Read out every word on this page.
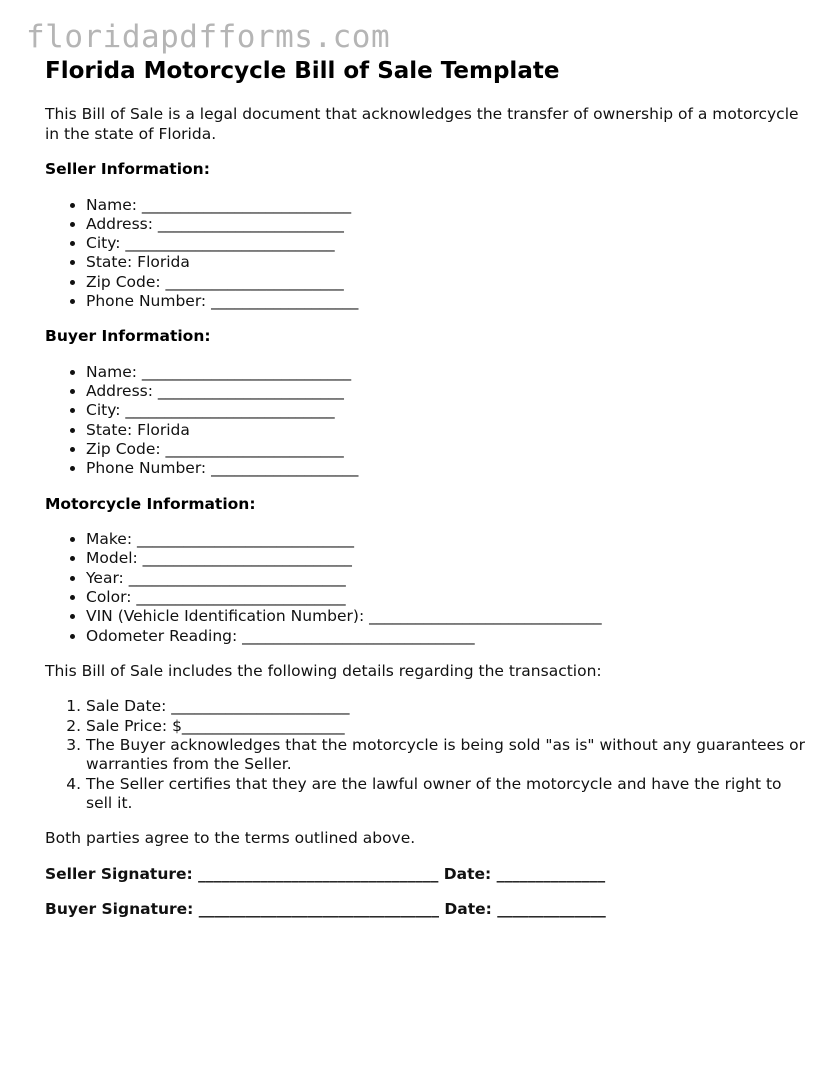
floridapdfforms.com
Florida Motorcycle Bill of Sale Template

This Bill of Sale is a legal document that acknowledges the transfer of ownership of a motorcycle in the state of Florida.

Seller Information:
• Name: ___________________________
• Address: ________________________
• City: ___________________________
• State: Florida
• Zip Code: _______________________
• Phone Number: ___________________
Buyer Information:
• Name: ___________________________
• Address: ________________________
• City: ___________________________
• State: Florida
• Zip Code: _______________________
• Phone Number: ___________________
Motorcycle Information:
• Make: ____________________________
• Model: ___________________________
• Year: ____________________________
• Color: ___________________________
• VIN (Vehicle Identification Number): ______________________________
• Odometer Reading: ______________________________

This Bill of Sale includes the following details regarding the transaction:

1. Sale Date: _______________________
2. Sale Price: $_____________________
3. The Buyer acknowledges that the motorcycle is being sold "as is" without any guarantees or warranties from the Seller.
4. The Seller certifies that they are the lawful owner of the motorcycle and have the right to sell it.

Both parties agree to the terms outlined above.

Seller Signature: _______________________________ Date: ______________

Buyer Signature: _______________________________ Date: ______________
